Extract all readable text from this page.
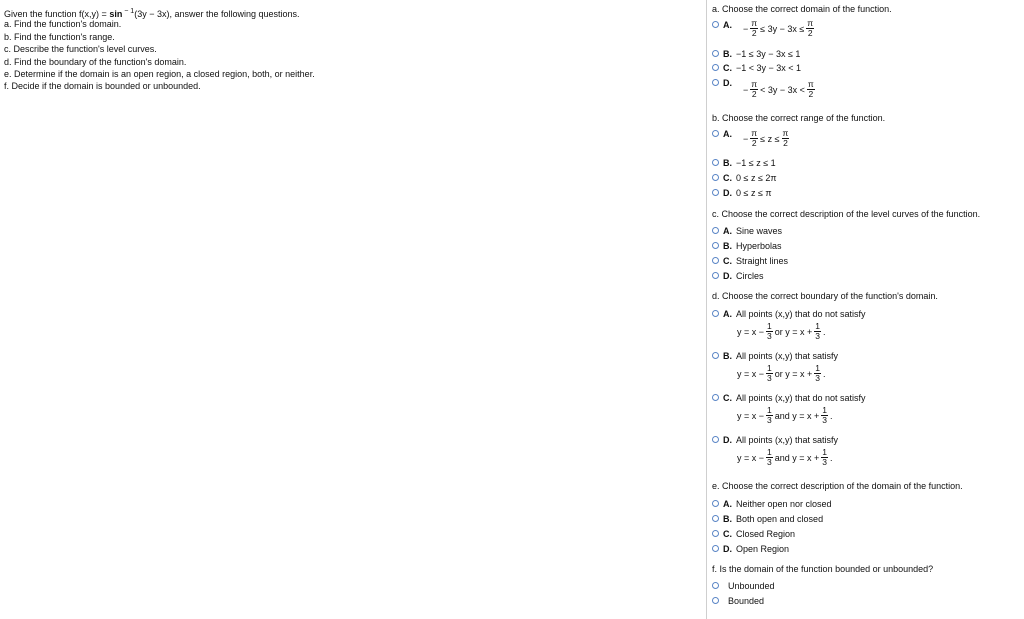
Given the function f(x,y) = sin $^{- 1}$(3y − 3x), answer the following questions.
a. Find the function's domain.
b. Find the function's range.
c. Describe the function's level curves.
d. Find the boundary of the function's domain.
e. Determine if the domain is an open region, a closed region, both, or neither.
f. Decide if the domain is bounded or unbounded.
a. Choose the correct domain of the function.
A. − $\frac{\pi}{2} \le 3y - 3x \le \frac{\pi}{2}$
B. −1 ≤ 3y − 3x ≤ 1
C. −1 < 3y − 3x < 1
D.
− $\frac{\pi}{2} < 3y - 3x < \frac{\pi}{2}$
b. Choose the correct range of the function.
A. − $\frac{\pi}{2} \le z \le \frac{\pi}{2}$
B. −1 ≤ z ≤ 1
C. 0 ≤ z ≤ 2π
D. 0 ≤ z ≤ π
c. Choose the correct description of the level curves of the function.
A. Sine waves
B. Hyperbolas
C. Straight lines
D. Circles
d. Choose the correct boundary of the function's domain.
A. All points (x,y) that do not satisfy
$y = x - \frac{1}{3}$ or $y = x + \frac{1}{3}$ .
B. All points (x,y) that satisfy
$y = x - \frac{1}{3}$ or $y = x + \frac{1}{3}$ .
C. All points (x,y) that do not satisfy
$y = x - \frac{1}{3}$ and $y = x + \frac{1}{3}$ .
D. All points (x,y) that satisfy
$y = x - \frac{1}{3}$ and $y = x + \frac{1}{3}$ .
e. Choose the correct description of the domain of the function.
A. Neither open nor closed
B. Both open and closed
C. Closed Region
D. Open Region
f. Is the domain of the function bounded or unbounded?
Unbounded
Bounded
